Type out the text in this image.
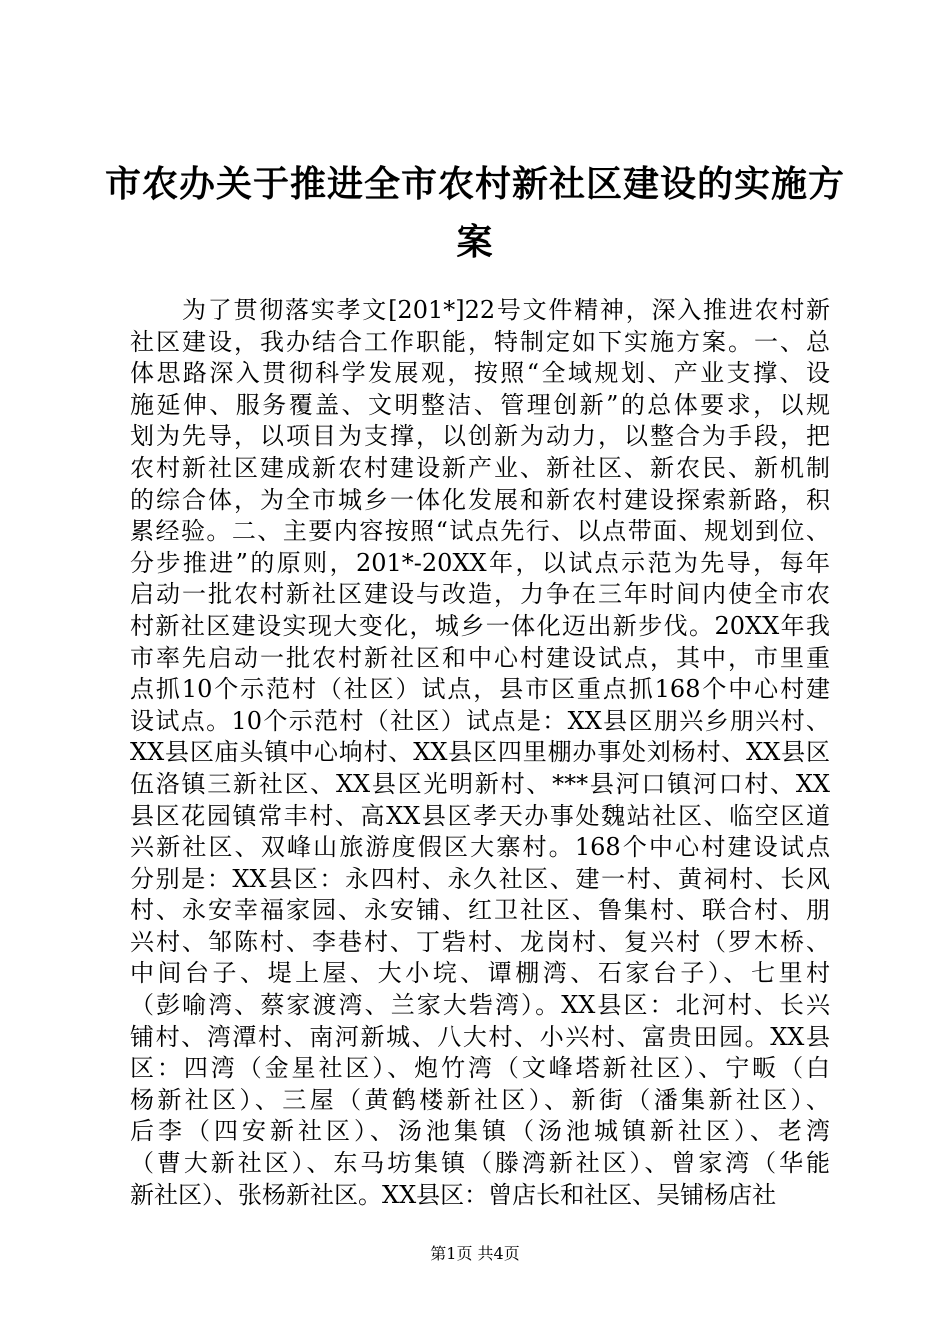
市农办关于推进全市农村新社区建设的实施方
案
为了贯彻落实孝文[201*]22号文件精神，深入推进农村新
社区建设，我办结合工作职能，特制定如下实施方案。一、总
体思路深入贯彻科学发展观，按照“全域规划、产业支撑、设
施延伸、服务覆盖、文明整洁、管理创新”的总体要求，以规
划为先导，以项目为支撑，以创新为动力，以整合为手段，把
农村新社区建成新农村建设新产业、新社区、新农民、新机制
的综合体，为全市城乡一体化发展和新农村建设探索新路，积
累经验。二、主要内容按照“试点先行、以点带面、规划到位、
分步推进”的原则，201*-20XX年，以试点示范为先导，每年
启动一批农村新社区建设与改造，力争在三年时间内使全市农
村新社区建设实现大变化，城乡一体化迈出新步伐。20XX年我
市率先启动一批农村新社区和中心村建设试点，其中，市里重
点抓10个示范村（社区）试点，县市区重点抓168个中心村建
设试点。10个示范村（社区）试点是：XX县区朋兴乡朋兴村、
XX县区庙头镇中心垧村、XX县区四里棚办事处刘杨村、XX县区
伍洛镇三新社区、XX县区光明新村、***县河口镇河口村、XX
县区花园镇常丰村、高XX县区孝天办事处魏站社区、临空区道
兴新社区、双峰山旅游度假区大寨村。168个中心村建设试点
分别是：XX县区：永四村、永久社区、建一村、黄祠村、长风
村、永安幸福家园、永安铺、红卫社区、鲁集村、联合村、朋
兴村、邹陈村、李巷村、丁砦村、龙岗村、复兴村（罗木桥、
中间台子、堤上屋、大小垸、谭棚湾、石家台子）、七里村
（彭喻湾、蔡家渡湾、兰家大砦湾）。XX县区：北河村、长兴
铺村、湾潭村、南河新城、八大村、小兴村、富贵田园。XX县
区：四湾（金星社区）、炮竹湾（文峰塔新社区）、宁畈（白
杨新社区）、三屋（黄鹤楼新社区）、新街（潘集新社区）、
后李（四安新社区）、汤池集镇（汤池城镇新社区）、老湾
（曹大新社区）、东马坊集镇（滕湾新社区）、曾家湾（华能
新社区）、张杨新社区。XX县区：曾店长和社区、吴铺杨店社
第1页 共4页
